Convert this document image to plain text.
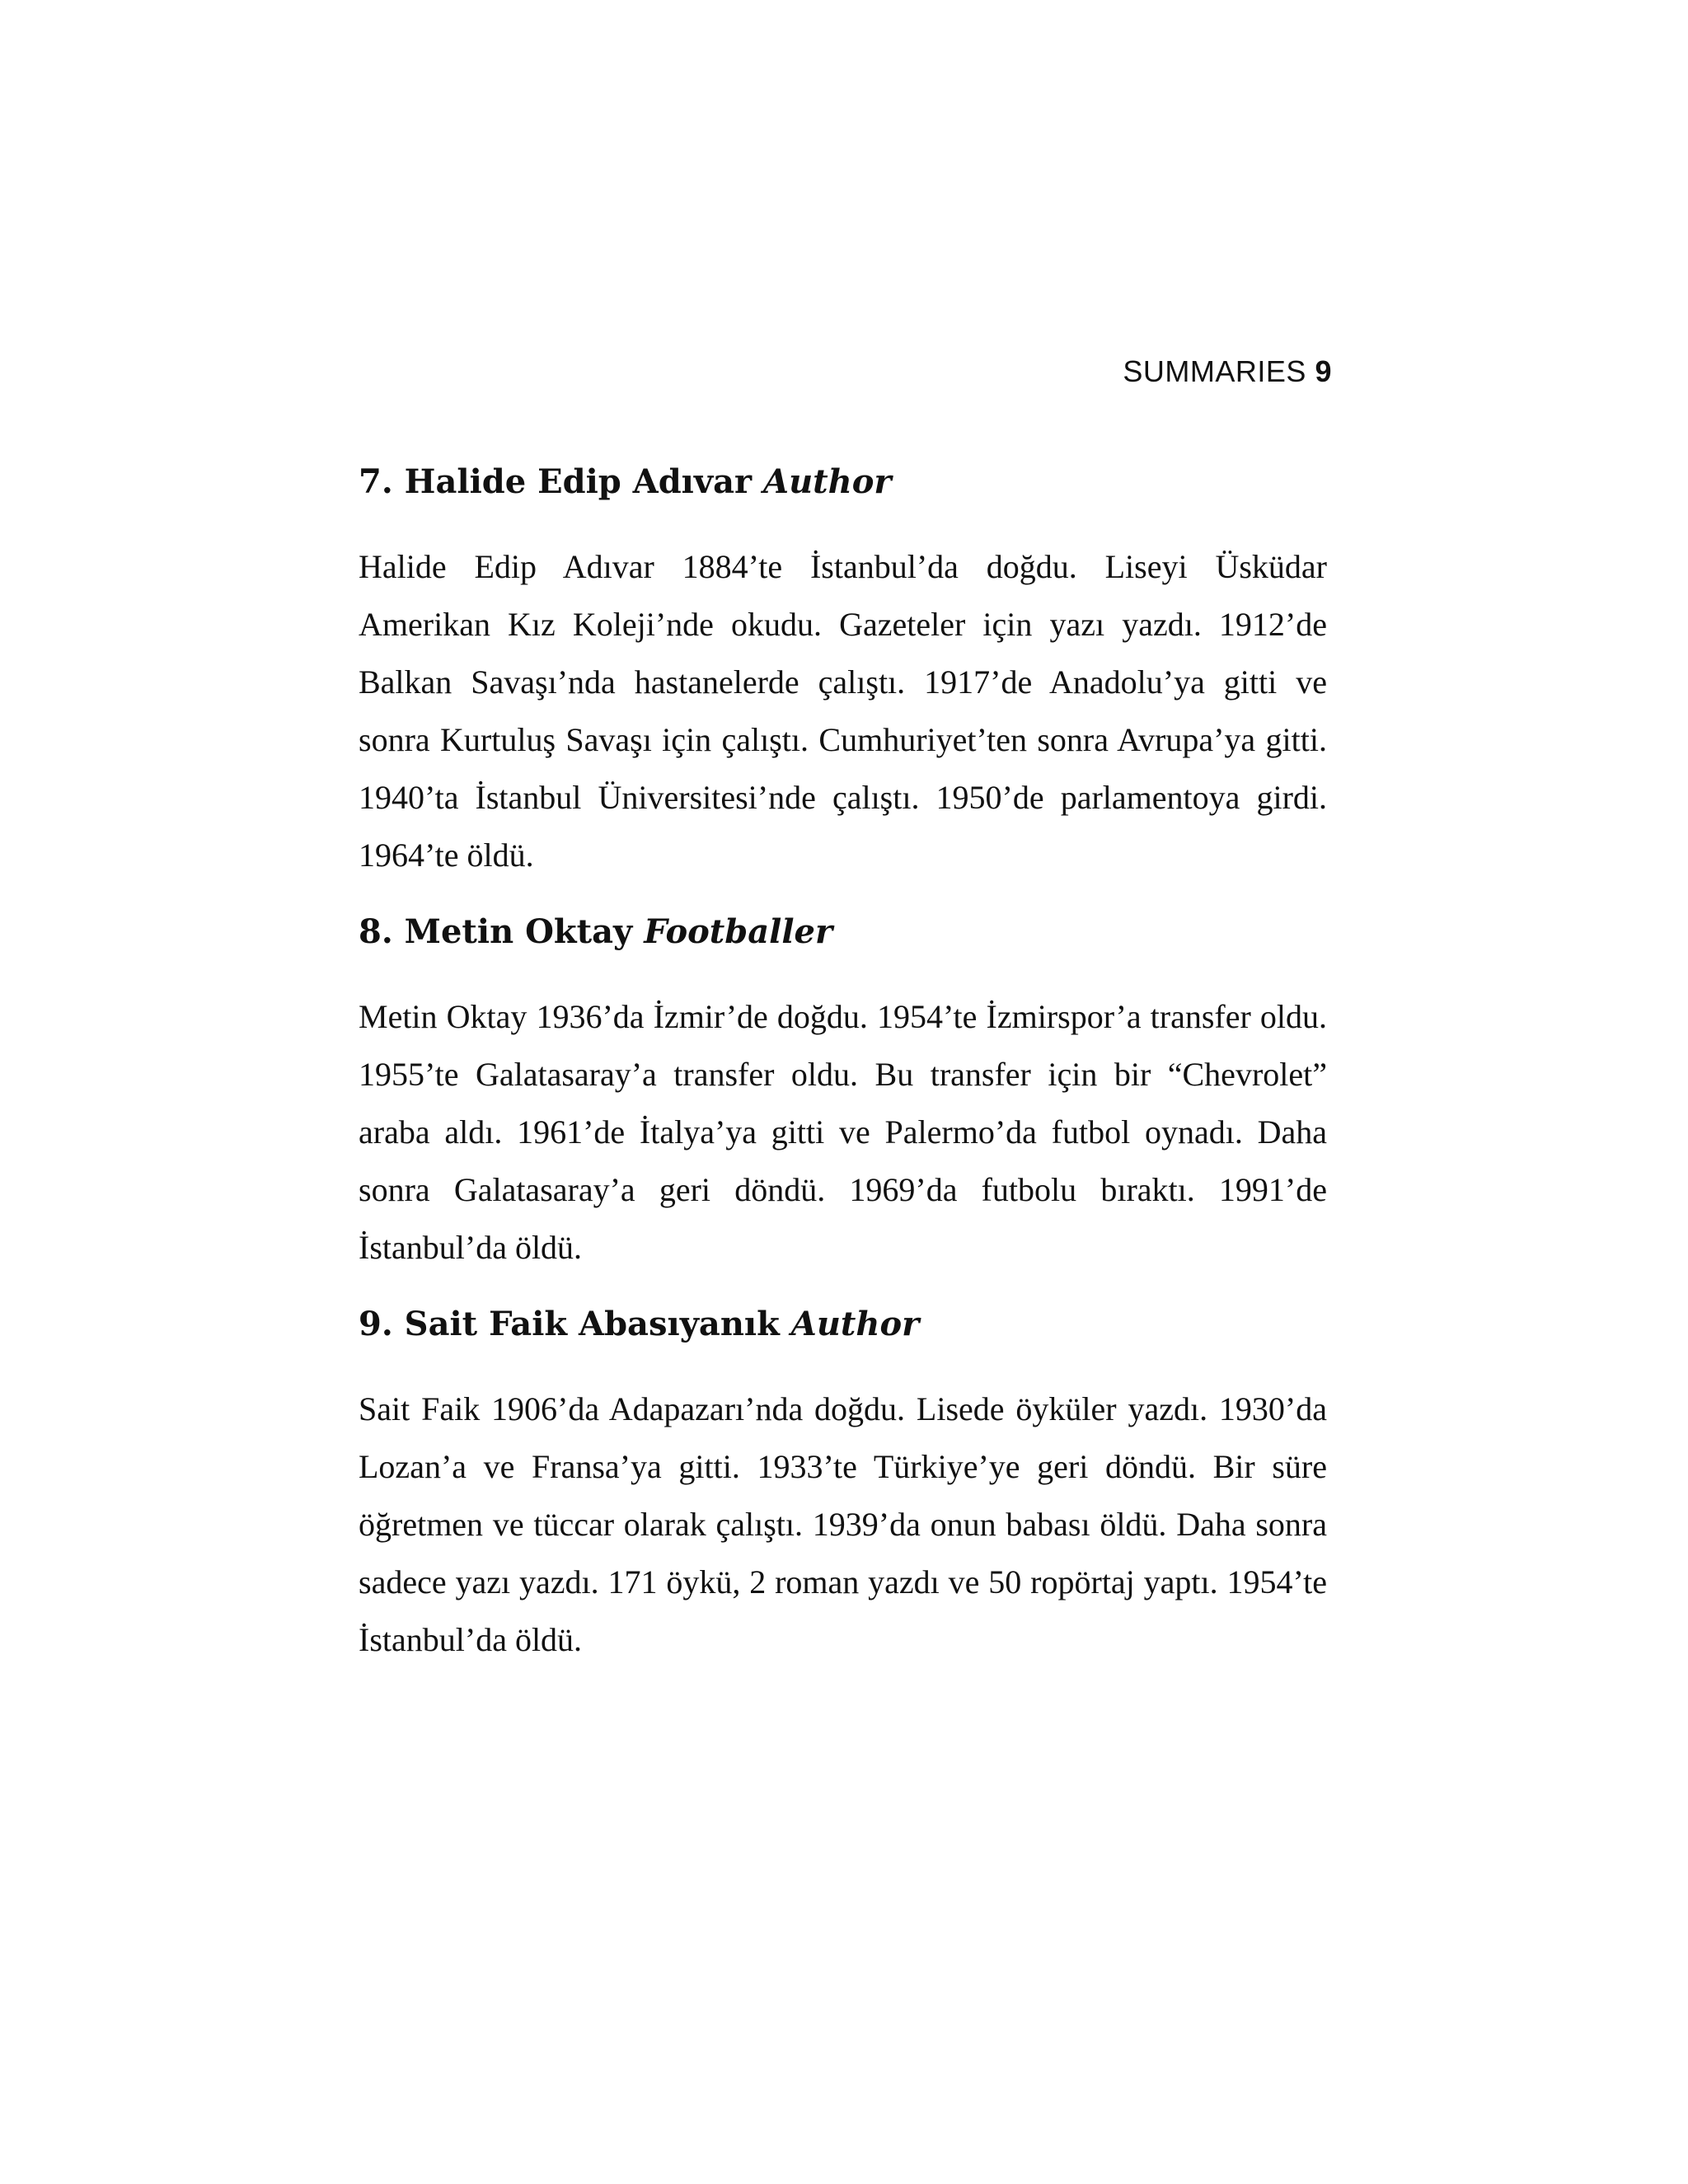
SUMMARIES 9
7. Halide Edip Adıvar Author

Halide Edip Adıvar 1884’te İstanbul’da doğdu. Liseyi Üsküdar Amerikan Kız Koleji’nde okudu. Gazeteler için yazı yazdı. 1912’de Balkan Savaşı’nda hastanelerde çalıştı. 1917’de Anadolu’ya gitti ve sonra Kurtuluş Savaşı için çalıştı. Cumhuriyet’ten sonra Avrupa’ya gitti. 1940’ta İstanbul Üniversitesi’nde çalıştı. 1950’de parlamentoya girdi. 1964’te öldü.

8. Metin Oktay Footballer

Metin Oktay 1936’da İzmir’de doğdu. 1954’te İzmirspor’a transfer oldu. 1955’te Galatasaray’a transfer oldu. Bu transfer için bir “Chevrolet” araba aldı. 1961’de İtalya’ya gitti ve Palermo’da futbol oynadı. Daha sonra Galatasaray’a geri döndü. 1969’da futbolu bıraktı. 1991’de İstanbul’da öldü.

9. Sait Faik Abasıyanık Author

Sait Faik 1906’da Adapazarı’nda doğdu. Lisede öyküler yazdı. 1930’da Lozan’a ve Fransa’ya gitti. 1933’te Türkiye’ye geri döndü. Bir süre öğretmen ve tüccar olarak çalıştı. 1939’da onun babası öldü. Daha sonra sadece yazı yazdı. 171 öykü, 2 roman yazdı ve 50 ropörtaj yaptı. 1954’te İstanbul’da öldü.
